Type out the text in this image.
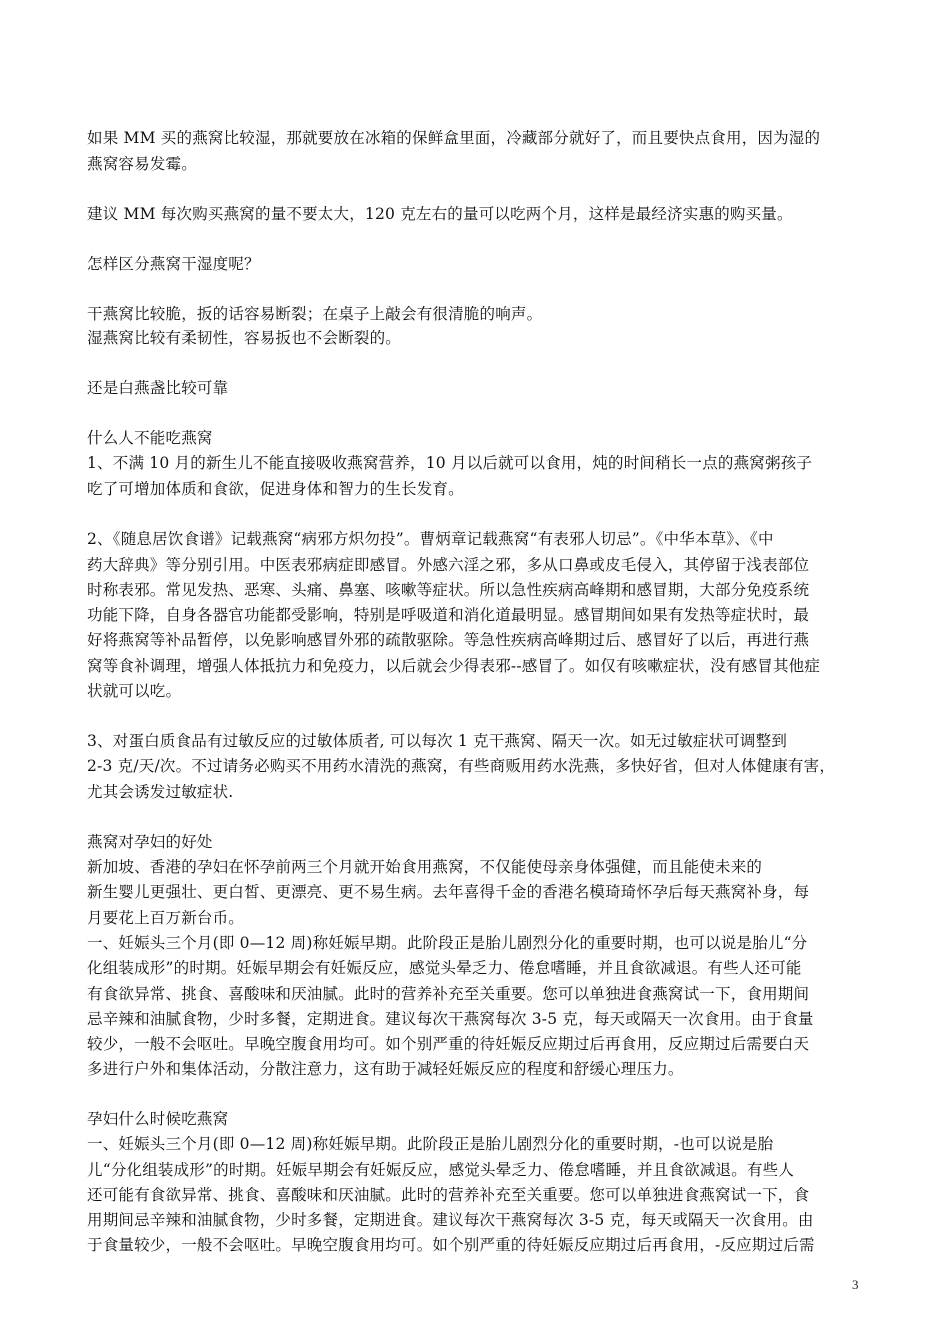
如果 MM 买的燕窝比较湿，那就要放在冰箱的保鲜盒里面，冷藏部分就好了，而且要快点食用，因为湿的
燕窝容易发霉。
建议 MM 每次购买燕窝的量不要太大，120 克左右的量可以吃两个月，这样是最经济实惠的购买量。
怎样区分燕窝干湿度呢？
干燕窝比较脆，扳的话容易断裂；在桌子上敲会有很清脆的响声。
湿燕窝比较有柔韧性，容易扳也不会断裂的。
还是白燕盏比较可靠
什么人不能吃燕窝
1、不满 10 月的新生儿不能直接吸收燕窝营养，10 月以后就可以食用，炖的时间稍长一点的燕窝粥孩子
吃了可增加体质和食欲，促进身体和智力的生长发育。
2、《随息居饮食谱》记载燕窝“病邪方炽勿投”。曹炳章记载燕窝“有表邪人切忌”。《中华本草》、《中
药大辞典》等分别引用。中医表邪病症即感冒。外感六淫之邪，多从口鼻或皮毛侵入，其停留于浅表部位
时称表邪。常见发热、恶寒、头痛、鼻塞、咳嗽等症状。所以急性疾病高峰期和感冒期，大部分免疫系统
功能下降，自身各器官功能都受影响，特别是呼吸道和消化道最明显。感冒期间如果有发热等症状时，最
好将燕窝等补品暂停，以免影响感冒外邪的疏散驱除。等急性疾病高峰期过后、感冒好了以后，再进行燕
窝等食补调理，增强人体抵抗力和免疫力，以后就会少得表邪--感冒了。如仅有咳嗽症状，没有感冒其他症
状就可以吃。
3、对蛋白质食品有过敏反应的过敏体质者, 可以每次 1 克干燕窝、隔天一次。如无过敏症状可调整到
2-3 克/天/次。不过请务必购买不用药水清洗的燕窝，有些商贩用药水洗燕，多快好省，但对人体健康有害，
尤其会诱发过敏症状.
燕窝对孕妇的好处
新加坡、香港的孕妇在怀孕前两三个月就开始食用燕窝，不仅能使母亲身体强健，而且能使未来的
新生婴儿更强壮、更白皙、更漂亮、更不易生病。去年喜得千金的香港名模琦琦怀孕后每天燕窝补身，每
月要花上百万新台币。
一、妊娠头三个月(即 0—12 周)称妊娠早期。此阶段正是胎儿剧烈分化的重要时期，也可以说是胎儿“分
化组装成形”的时期。妊娠早期会有妊娠反应，感觉头晕乏力、倦怠嗜睡，并且食欲减退。有些人还可能
有食欲异常、挑食、喜酸味和厌油腻。此时的营养补充至关重要。您可以单独进食燕窝试一下，食用期间
忌辛辣和油腻食物，少时多餐，定期进食。建议每次干燕窝每次 3-5 克，每天或隔天一次食用。由于食量
较少，一般不会呕吐。早晚空腹食用均可。如个别严重的待妊娠反应期过后再食用，反应期过后需要白天
多进行户外和集体活动，分散注意力，这有助于减轻妊娠反应的程度和舒缓心理压力。
孕妇什么时候吃燕窝
一、妊娠头三个月(即 0—12 周)称妊娠早期。此阶段正是胎儿剧烈分化的重要时期，-也可以说是胎
儿“分化组装成形”的时期。妊娠早期会有妊娠反应，感觉头晕乏力、倦怠嗜睡，并且食欲减退。有些人
还可能有食欲异常、挑食、喜酸味和厌油腻。此时的营养补充至关重要。您可以单独进食燕窝试一下，食
用期间忌辛辣和油腻食物，少时多餐，定期进食。建议每次干燕窝每次 3-5 克，每天或隔天一次食用。由
于食量较少，一般不会呕吐。早晚空腹食用均可。如个别严重的待妊娠反应期过后再食用，-反应期过后需
3
